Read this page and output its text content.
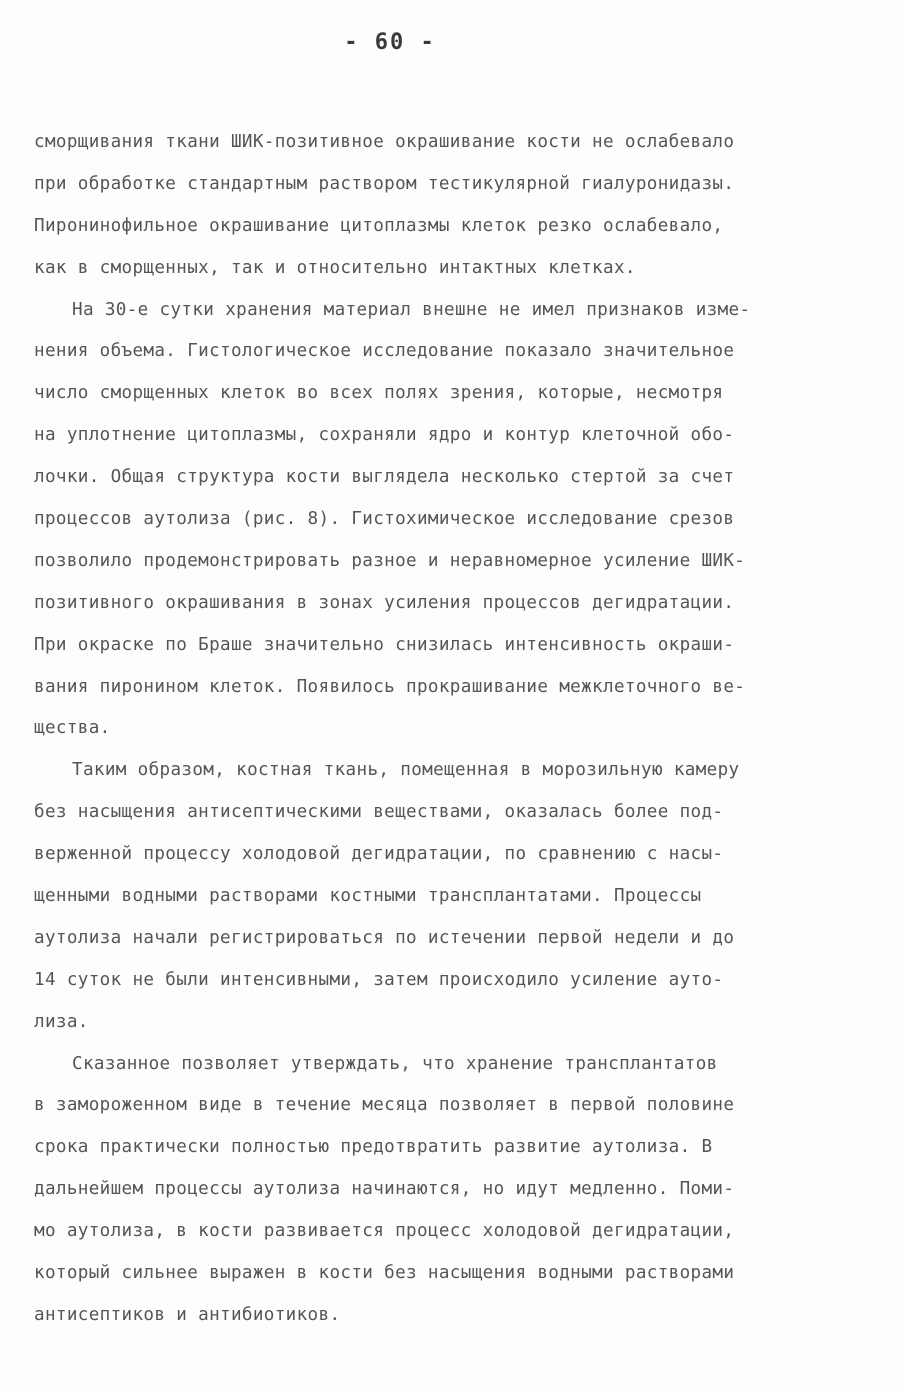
- 60 -
сморщивания ткани ШИК-позитивное окрашивание кости не ослабевало
при обработке стандартным раствором тестикулярной гиалуронидазы.
Пиронинофильное окрашивание цитоплазмы клеток резко ослабевало,
как в сморщенных, так и относительно интактных клетках.
На 30-е сутки хранения материал внешне не имел признаков изме-
нения объема. Гистологическое исследование показало значительное
число сморщенных клеток во всех полях зрения, которые, несмотря
на уплотнение цитоплазмы, сохраняли ядро и контур клеточной обо-
лочки. Общая структура кости выглядела несколько стертой за счет
процессов аутолиза (рис. 8). Гистохимическое исследование срезов
позволило продемонстрировать разное и неравномерное усиление ШИК-
позитивного окрашивания в зонах усиления процессов дегидратации.
При окраске по Браше значительно снизилась интенсивность окраши-
вания пиронином клеток. Появилось прокрашивание межклеточного ве-
щества.
Таким образом, костная ткань, помещенная в морозильную камеру
без насыщения антисептическими веществами, оказалась более под-
верженной процессу холодовой дегидратации, по сравнению с насы-
щенными водными растворами костными трансплантатами. Процессы
аутолиза начали регистрироваться по истечении первой недели и до
14 суток не были интенсивными, затем происходило усиление ауто-
лиза.
Сказанное позволяет утверждать, что хранение трансплантатов
в замороженном виде в течение месяца позволяет в первой половине
срока практически полностью предотвратить развитие аутолиза. В
дальнейшем процессы аутолиза начинаются, но идут медленно. Поми-
мо аутолиза, в кости развивается процесс холодовой дегидратации,
который сильнее выражен в кости без насыщения водными растворами
антисептиков и антибиотиков.
